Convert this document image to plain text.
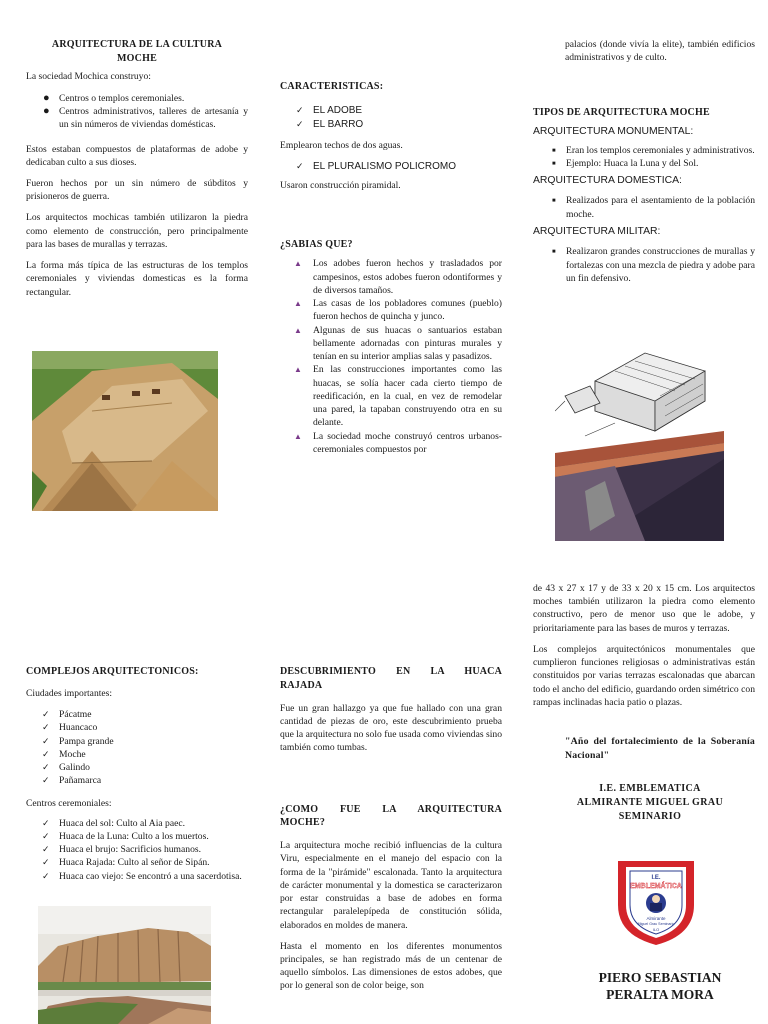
ARQUITECTURA DE LA CULTURA MOCHE

La sociedad Mochica construyo:

● Centros o templos ceremoniales.
● Centros administrativos, talleres de artesanía y un sin números de viviendas domésticas.

Estos estaban compuestos de plataformas de adobe y dedicaban culto a sus dioses.

Fueron hechos por un sin número de súbditos y prisioneros de guerra.

Los arquitectos mochicas también utilizaron la piedra como elemento de construcción, pero principalmente para las bases de murallas y terrazas.

La forma más típica de las estructuras de los templos ceremoniales y viviendas domesticas es la forma rectangular.

CARACTERISTICAS:
✓ EL ADOBE
✓ EL BARRO

Emplearon techos de dos aguas.

✓ EL PLURALISMO POLICROMO

Usaron construcción piramidal.

¿SABIAS QUE?
▲ Los adobes fueron hechos y trasladados por campesinos, estos adobes fueron odontiformes y de diversos tamaños.
▲ Las casas de los pobladores comunes (pueblo) fueron hechos de quincha y junco.
▲ Algunas de sus huacas o santuarios estaban bellamente adornadas con pinturas murales y tenían en su interior amplias salas y pasadizos.
▲ En las construcciones importantes como las huacas, se solía hacer cada cierto tiempo de reedificación, en la cual, en vez de remodelar una pared, la tapaban construyendo otra en su delante.
▲ La sociedad moche construyó centros urbanos-ceremoniales compuestos por

palacios (donde vivía la elite), también edificios administrativos y de culto.

TIPOS DE ARQUITECTURA MOCHE
ARQUITECTURA MONUMENTAL:
■ Eran los templos ceremoniales y administrativos.
■ Ejemplo: Huaca la Luna y del Sol.
ARQUITECTURA DOMESTICA:
■ Realizados para el asentamiento de la población moche.
ARQUITECTURA MILITAR:
■ Realizaron grandes construcciones de murallas y fortalezas con una mezcla de piedra y adobe para un fin defensivo.
COMPLEJOS ARQUITECTONICOS:

Ciudades importantes:

✓ Pácatme
✓ Huancaco
✓ Pampa grande
✓ Moche
✓ Galindo
✓ Pañamarca

Centros ceremoniales:

✓ Huaca del sol: Culto al Aia paec.
✓ Huaca de la Luna: Culto a los muertos.
✓ Huaca el brujo: Sacrificios humanos.
✓ Huaca Rajada: Culto al señor de Sipán.
✓ Huaca cao viejo: Se encontró a una sacerdotisa.
DESCUBRIMIENTO EN LA HUACA RAJADA

Fue un gran hallazgo ya que fue hallado con una gran cantidad de piezas de oro, este descubrimiento prueba que la arquitectura no solo fue usada como viviendas sino también como tumbas.

¿COMO FUE LA ARQUITECTURA MOCHE?

La arquitectura moche recibió influencias de la cultura Viru, especialmente en el manejo del espacio con la forma de la "pirámide" escalonada. Tanto la arquitectura de carácter monumental y la domestica se caracterizaron por estar construidas a base de adobes en forma rectangular paralelepípeda de constitución sólida, elaborados en moldes de manera.

Hasta el momento en los diferentes monumentos principales, se han registrado más de un centenar de aquello símbolos. Las dimensiones de estos adobes, que por lo general son de color beige, son

de 43 x 27 x 17 y de 33 x 20 x 15 cm. Los arquitectos moches también utilizaron la piedra como elemento constructivo, pero de menor uso que le adobe, y prioritariamente para las bases de muros y terrazas.

Los complejos arquitectónicos monumentales que cumplieron funciones religiosas o administrativas están constituidos por varias terrazas escalonadas que abarcan todo el ancho del edificio, guardando orden simétrico con rampas inclinadas hacia patio o plazas.

"Año del fortalecimiento de la Soberanía Nacional"
I.E. EMBLEMATICA ALMIRANTE MIGUEL GRAU SEMINARIO
I.E.
EMBLEMÁTICA
Almirante
Miguel Grau Seminario
ILO
PIERO SEBASTIAN PERALTA MORA
